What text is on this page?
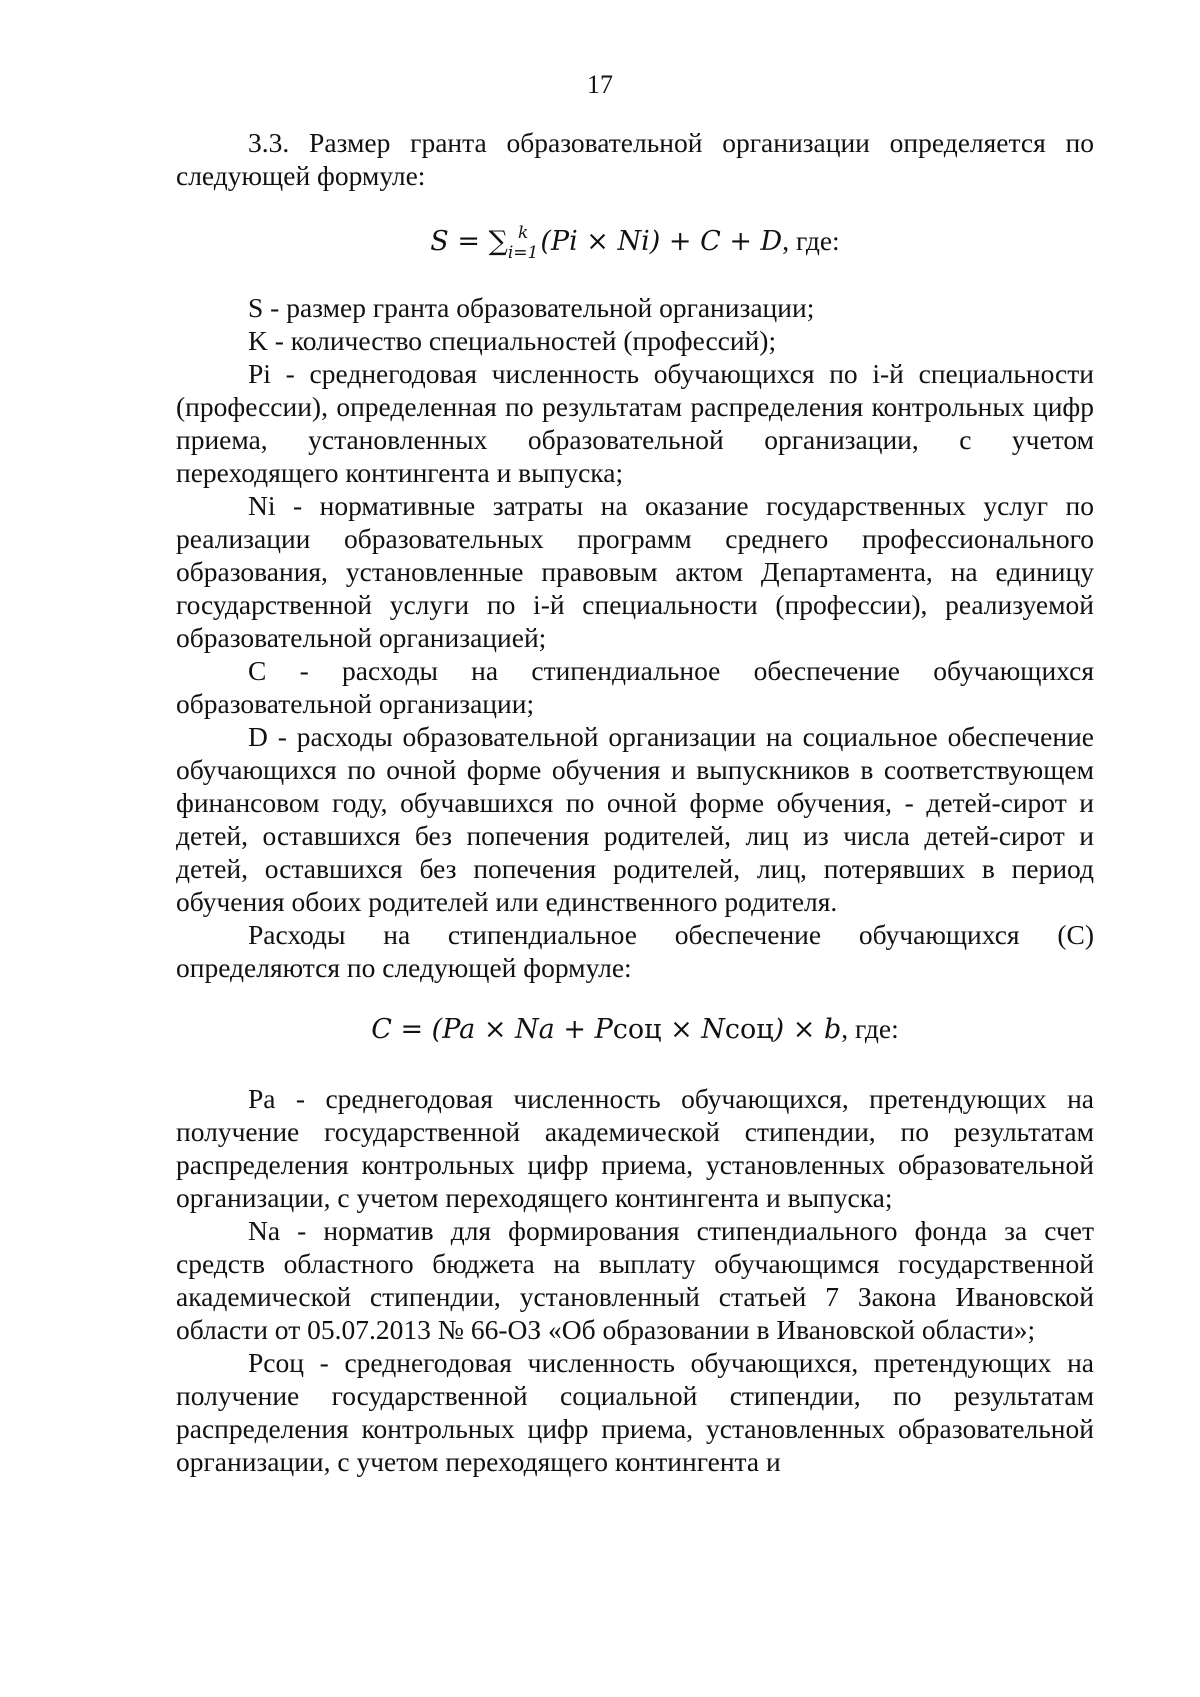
17

3.3. Размер гранта образовательной организации определяется по следующей формуле:

S = ∑ $^k$
$_{i=1}$ (Pi × Ni) + C + D, где:

S - размер гранта образовательной организации;

K - количество специальностей (профессий);

Pi - среднегодовая численность обучающихся по i-й специальности (профессии), определенная по результатам распределения контрольных цифр приема, установленных образовательной организации, с учетом переходящего контингента и выпуска;

Ni - нормативные затраты на оказание государственных услуг по реализации образовательных программ среднего профессионального образования, установленные правовым актом Департамента, на единицу государственной услуги по i-й специальности (профессии), реализуемой образовательной организацией;

C - расходы на стипендиальное обеспечение обучающихся образовательной организации;

D - расходы образовательной организации на социальное обеспечение обучающихся по очной форме обучения и выпускников в соответствующем финансовом году, обучавшихся по очной форме обучения, - детей-сирот и детей, оставшихся без попечения родителей, лиц из числа детей-сирот и детей, оставшихся без попечения родителей, лиц, потерявших в период обучения обоих родителей или единственного родителя.

Расходы на стипендиальное обеспечение обучающихся (C) определяются по следующей формуле:

C = (Pa × Na + Pсоц × Nсоц) × b, где:

Pa - среднегодовая численность обучающихся, претендующих на получение государственной академической стипендии, по результатам распределения контрольных цифр приема, установленных образовательной организации, с учетом переходящего контингента и выпуска;

Na - норматив для формирования стипендиального фонда за счет средств областного бюджета на выплату обучающимся государственной академической стипендии, установленный статьей 7 Закона Ивановской области от 05.07.2013 № 66-ОЗ «Об образовании в Ивановской области»;

Pсоц - среднегодовая численность обучающихся, претендующих на получение государственной социальной стипендии, по результатам распределения контрольных цифр приема, установленных образовательной организации, с учетом переходящего контингента и
